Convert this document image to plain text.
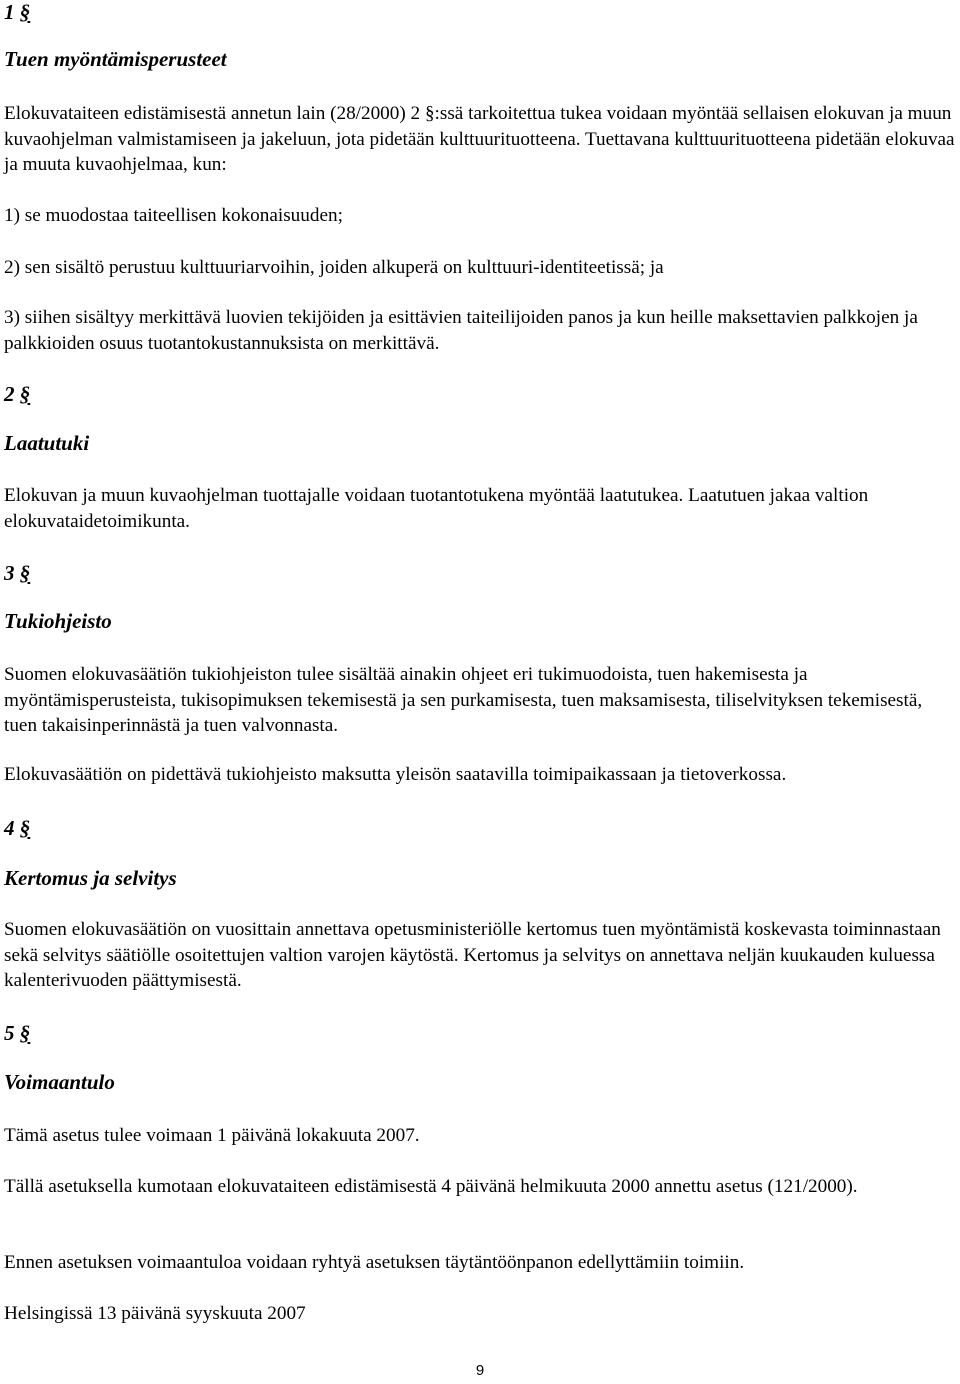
1 §
Tuen myöntämisperusteet

Elokuvataiteen edistämisestä annetun lain (28/2000) 2 §:ssä tarkoitettua tukea voidaan myöntää sellaisen elokuvan ja muun kuvaohjelman valmistamiseen ja jakeluun, jota pidetään kulttuurituotteena. Tuettavana kulttuurituotteena pidetään elokuvaa ja muuta kuvaohjelmaa, kun:

1) se muodostaa taiteellisen kokonaisuuden;

2) sen sisältö perustuu kulttuuriarvoihin, joiden alkuperä on kulttuuri-identiteetissä; ja

3) siihen sisältyy merkittävä luovien tekijöiden ja esittävien taiteilijoiden panos ja kun heille maksettavien palkkojen ja palkkioiden osuus tuotantokustannuksista on merkittävä.

2 §
Laatutuki

Elokuvan ja muun kuvaohjelman tuottajalle voidaan tuotantotukena myöntää laatutukea. Laatutuen jakaa valtion elokuvataidetoimikunta.

3 §
Tukiohjeisto

Suomen elokuvasäätiön tukiohjeiston tulee sisältää ainakin ohjeet eri tukimuodoista, tuen hakemisesta ja myöntämisperusteista, tukisopimuksen tekemisestä ja sen purkamisesta, tuen maksamisesta, tiliselvityksen tekemisestä, tuen takaisinperinnästä ja tuen valvonnasta.

Elokuvasäätiön on pidettävä tukiohjeisto maksutta yleisön saatavilla toimipaikassaan ja tietoverkossa.

4 §
Kertomus ja selvitys

Suomen elokuvasäätiön on vuosittain annettava opetusministeriölle kertomus tuen myöntämistä koskevasta toiminnastaan sekä selvitys säätiölle osoitettujen valtion varojen käytöstä. Kertomus ja selvitys on annettava neljän kuukauden kuluessa kalenterivuoden päättymisestä.

5 §
Voimaantulo

Tämä asetus tulee voimaan 1 päivänä lokakuuta 2007.

Tällä asetuksella kumotaan elokuvataiteen edistämisestä 4 päivänä helmikuuta 2000 annettu asetus (121/2000).

Ennen asetuksen voimaantuloa voidaan ryhtyä asetuksen täytäntöönpanon edellyttämiin toimiin.

Helsingissä 13 päivänä syyskuuta 2007

9
